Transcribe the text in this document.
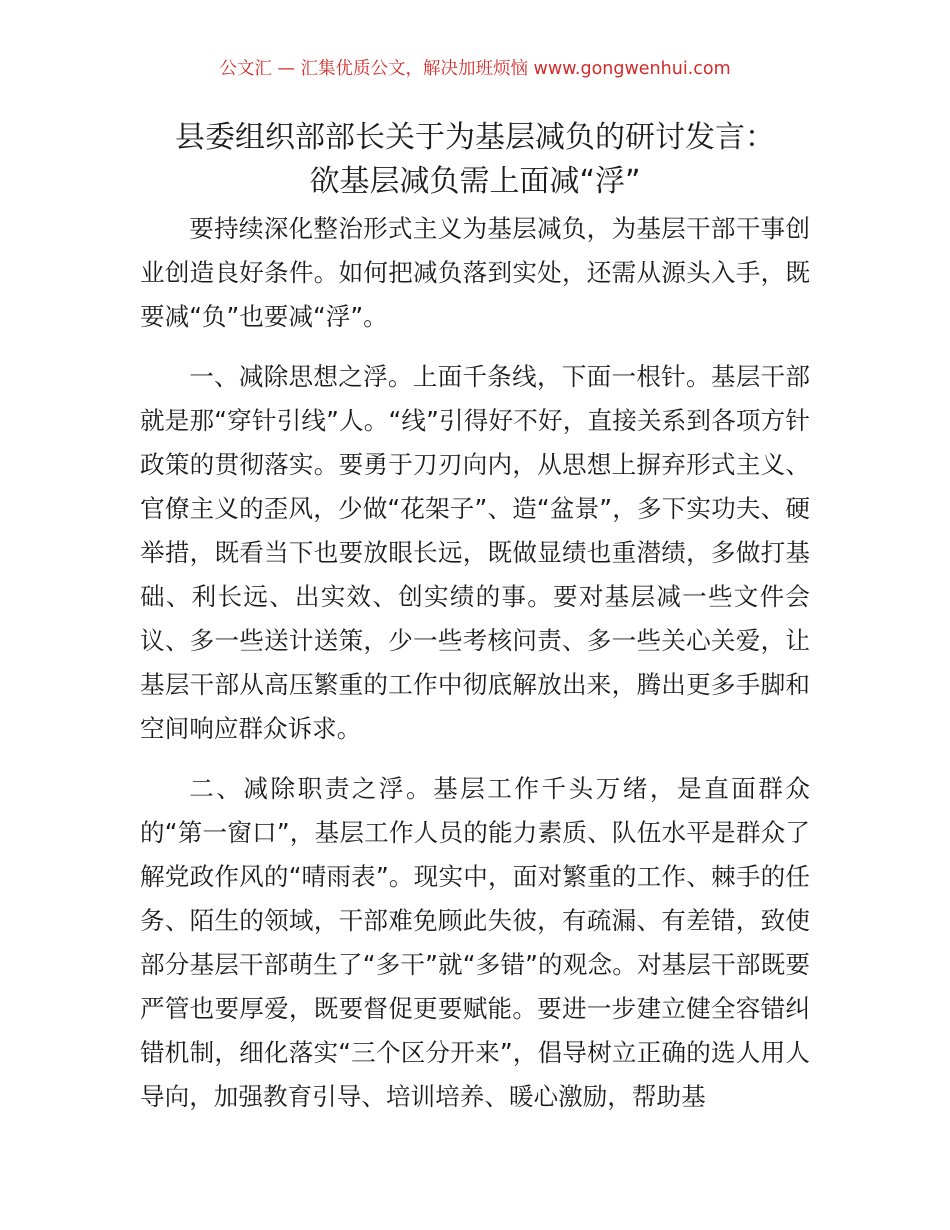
公文汇 — 汇集优质公文，解决加班烦恼 www.gongwenhui.com
县委组织部部长关于为基层减负的研讨发言：
欲基层减负需上面减“浮”

要持续深化整治形式主义为基层减负，为基层干部干事创业创造良好条件。如何把减负落到实处，还需从源头入手，既要减“负”也要减“浮”。

一、减除思想之浮。上面千条线，下面一根针。基层干部就是那“穿针引线”人。“线”引得好不好，直接关系到各项方针政策的贯彻落实。要勇于刀刃向内，从思想上摒弃形式主义、官僚主义的歪风，少做“花架子”、造“盆景”，多下实功夫、硬举措，既看当下也要放眼长远，既做显绩也重潜绩，多做打基础、利长远、出实效、创实绩的事。要对基层减一些文件会议、多一些送计送策，少一些考核问责、多一些关心关爱，让基层干部从高压繁重的工作中彻底解放出来，腾出更多手脚和空间响应群众诉求。

二、减除职责之浮。基层工作千头万绪，是直面群众的“第一窗口”，基层工作人员的能力素质、队伍水平是群众了解党政作风的“晴雨表”。现实中，面对繁重的工作、棘手的任务、陌生的领域，干部难免顾此失彼，有疏漏、有差错，致使部分基层干部萌生了“多干”就“多错”的观念。对基层干部既要严管也要厚爱，既要督促更要赋能。要进一步建立健全容错纠错机制，细化落实“三个区分开来”，倡导树立正确的选人用人导向，加强教育引导、培训培养、暖心激励，帮助基
